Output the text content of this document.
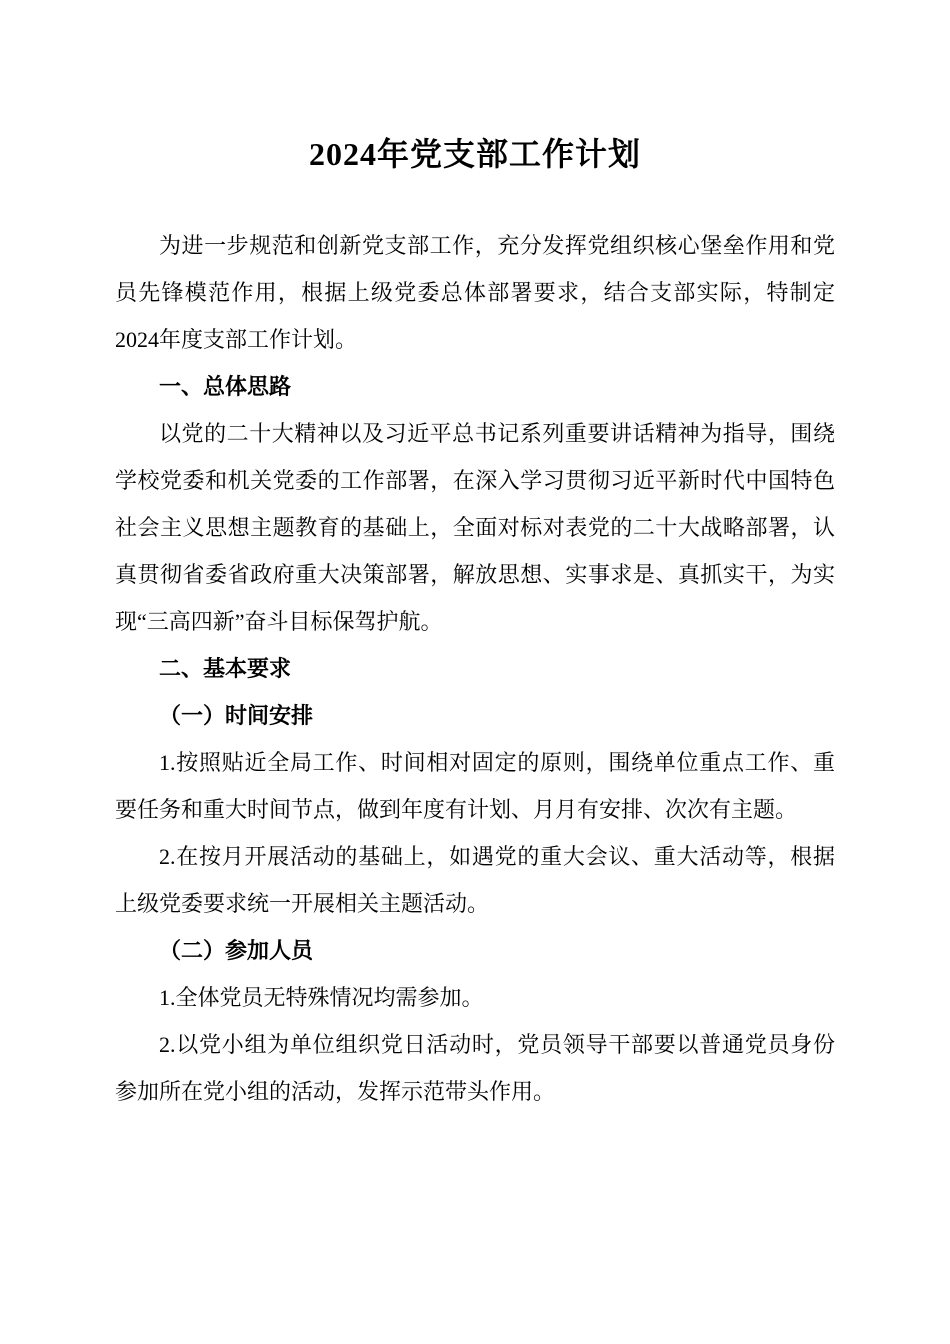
2024年党支部工作计划

为进一步规范和创新党支部工作，充分发挥党组织核心堡垒作用和党员先锋模范作用，根据上级党委总体部署要求，结合支部实际，特制定2024年度支部工作计划。

一、总体思路

以党的二十大精神以及习近平总书记系列重要讲话精神为指导，围绕学校党委和机关党委的工作部署，在深入学习贯彻习近平新时代中国特色社会主义思想主题教育的基础上，全面对标对表党的二十大战略部署，认真贯彻省委省政府重大决策部署，解放思想、实事求是、真抓实干，为实现“三高四新”奋斗目标保驾护航。

二、基本要求
（一）时间安排

1.按照贴近全局工作、时间相对固定的原则，围绕单位重点工作、重要任务和重大时间节点，做到年度有计划、月月有安排、次次有主题。

2.在按月开展活动的基础上，如遇党的重大会议、重大活动等，根据上级党委要求统一开展相关主题活动。

（二）参加人员

1.全体党员无特殊情况均需参加。

2.以党小组为单位组织党日活动时，党员领导干部要以普通党员身份参加所在党小组的活动，发挥示范带头作用。
